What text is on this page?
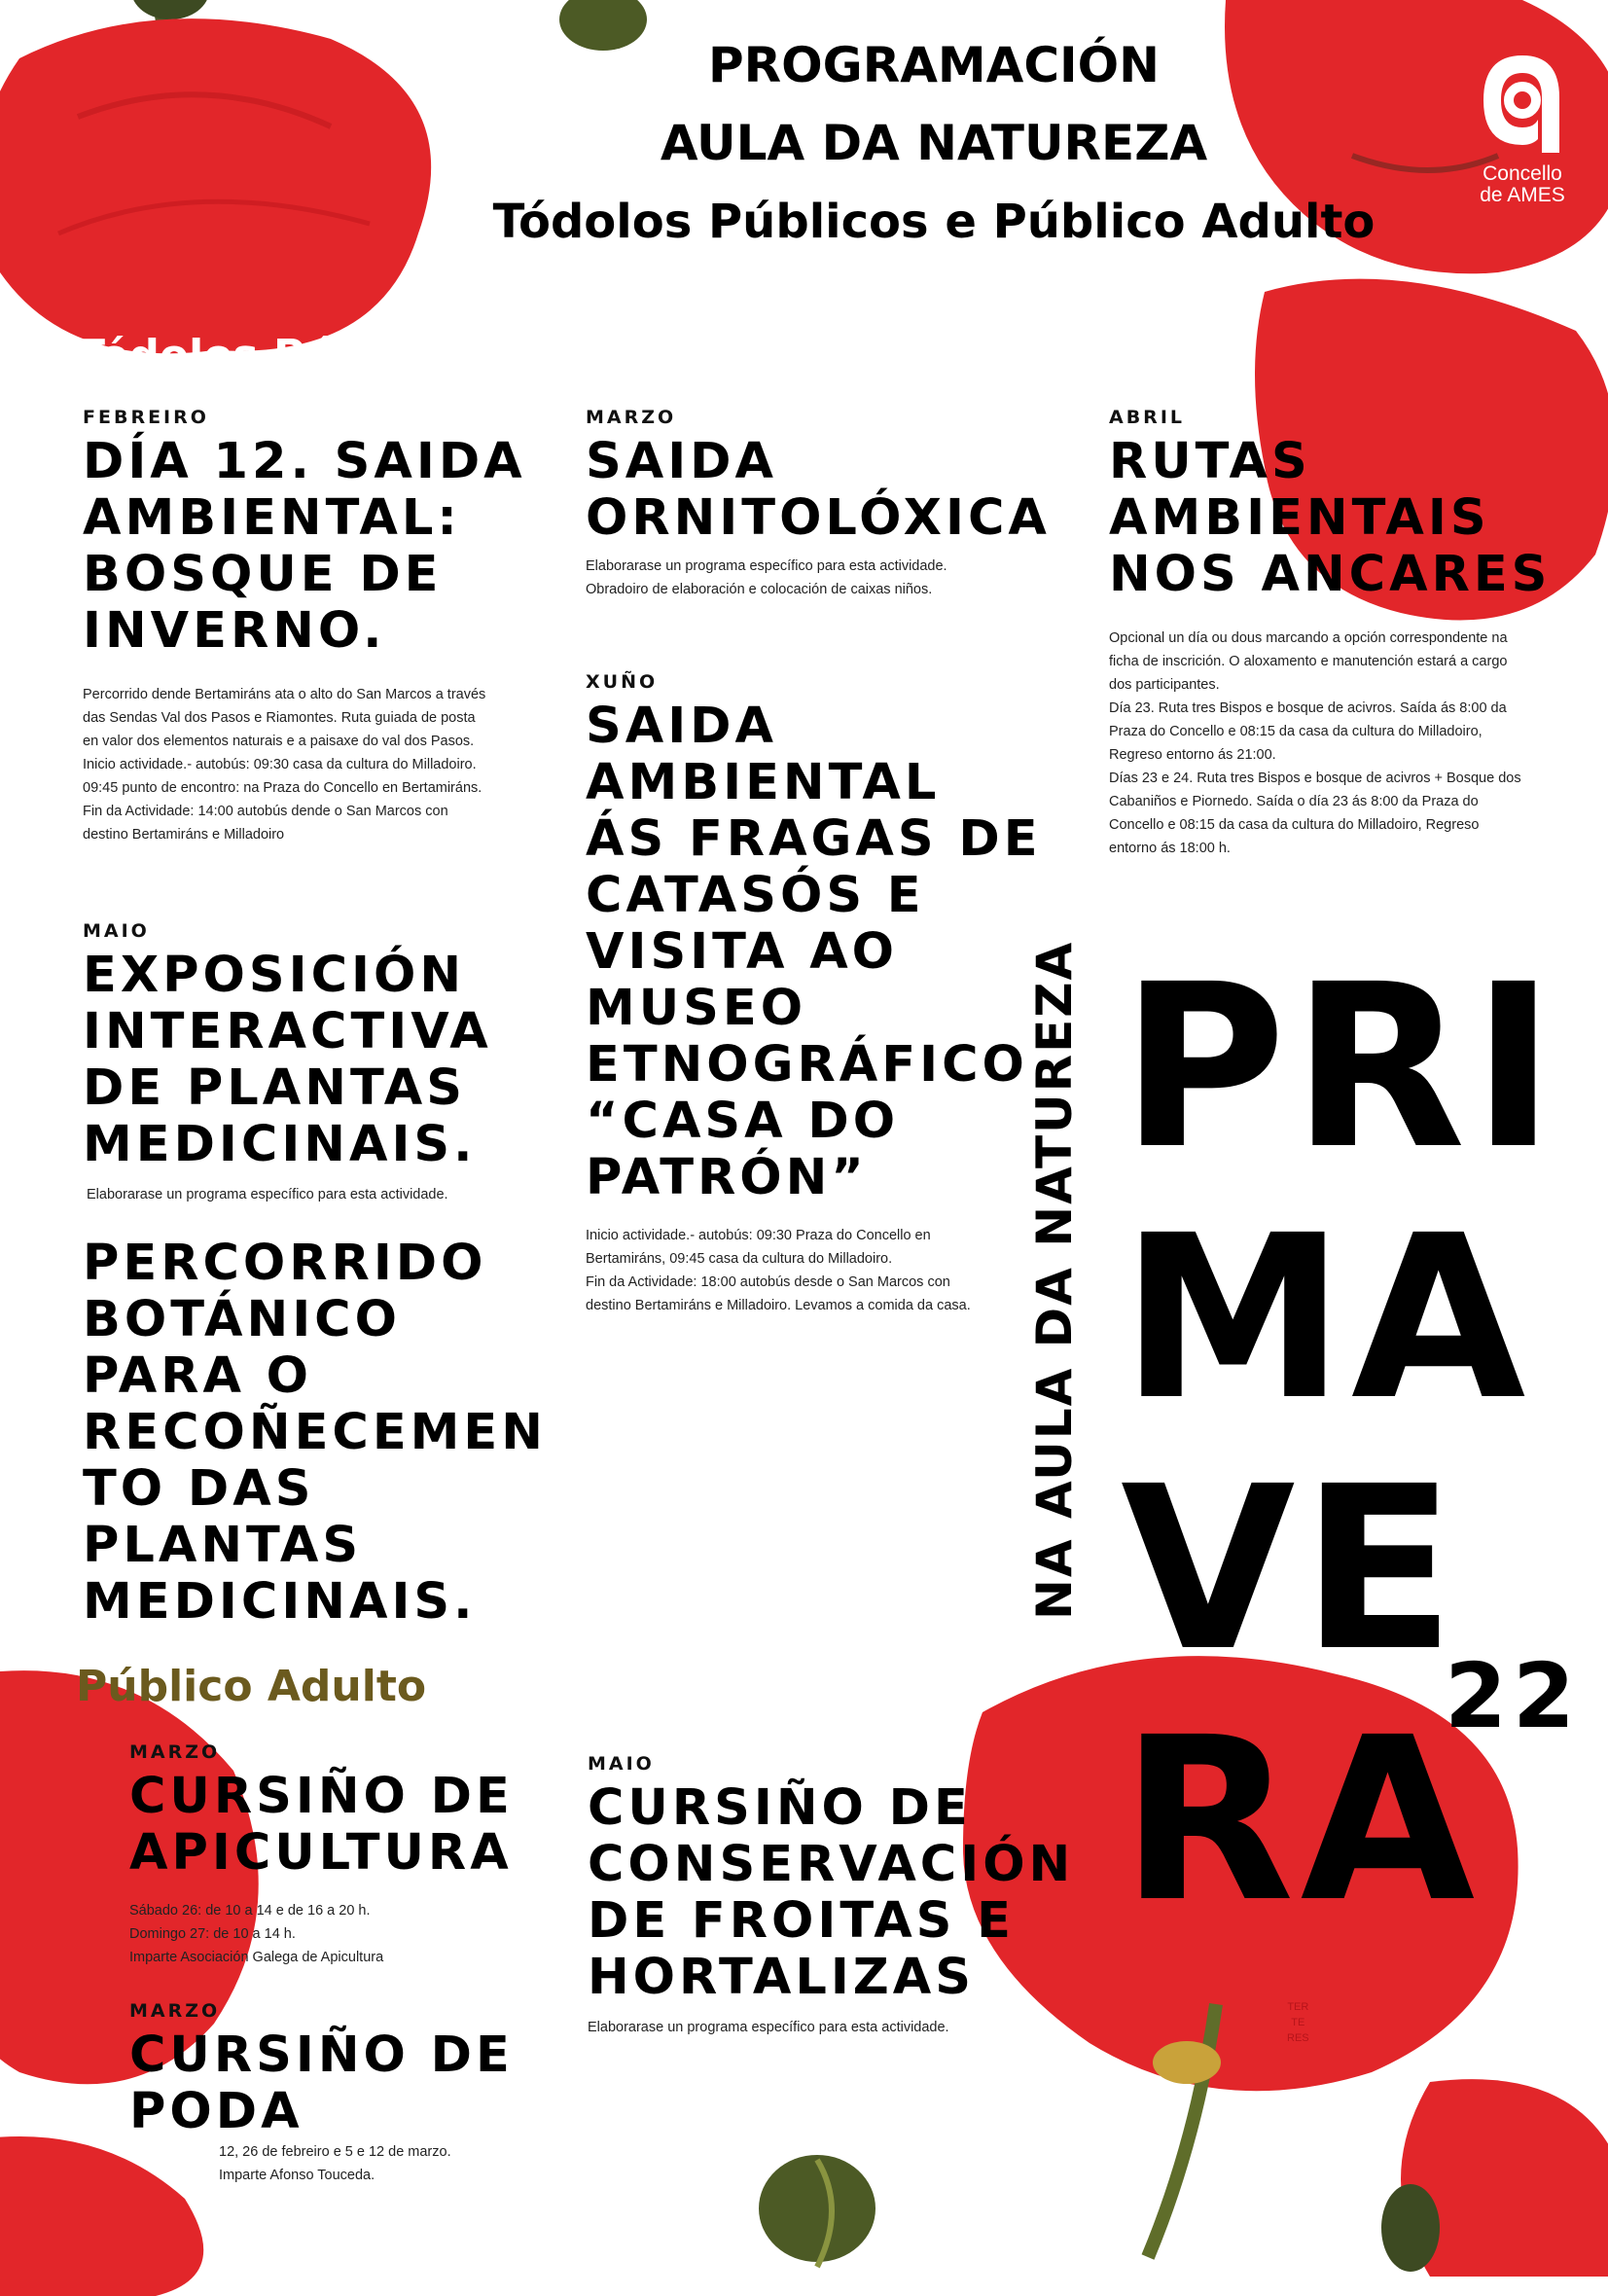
PROGRAMACIÓN
AULA DA NATUREZA
Tódolos Públicos e Público Adulto
Concello
de AMES
Tódolos Públicos
Público Adulto
FEBREIRO
DÍA 12. SAIDA
AMBIENTAL:
BOSQUE DE
INVERNO.
Percorrido dende Bertamiráns ata o alto do San Marcos a través
das Sendas Val dos Pasos e Riamontes. Ruta guiada de posta
en valor dos elementos naturais e a paisaxe do val dos Pasos.
Inicio actividade.- autobús: 09:30 casa da cultura do Milladoiro.
09:45 punto de encontro: na Praza do Concello en Bertamiráns.
Fin da Actividade: 14:00 autobús dende o San Marcos con
destino Bertamiráns e Milladoiro
MARZO
SAIDA
ORNITOLÓXICA
Elaborarase un programa específico para esta actividade.
Obradoiro de elaboración e colocación de caixas niños.
ABRIL
RUTAS
AMBIENTAIS
NOS ANCARES
Opcional un día ou dous marcando a opción correspondente na
ficha de inscrición. O aloxamento e manutención estará a cargo
dos participantes.
Día 23. Ruta tres Bispos e bosque de acivros. Saída ás 8:00 da
Praza do Concello e 08:15 da casa da cultura do Milladoiro,
Regreso entorno ás 21:00.
Días 23 e 24. Ruta tres Bispos e bosque de acivros + Bosque dos
Cabaniños e Piornedo. Saída o día 23 ás 8:00 da Praza do
Concello e 08:15 da casa da cultura do Milladoiro, Regreso
entorno ás 18:00 h.
XUÑO
SAIDA
AMBIENTAL
ÁS FRAGAS DE
CATASÓS E
VISITA AO
MUSEO
ETNOGRÁFICO
“CASA DO
PATRÓN”
Inicio actividade.- autobús: 09:30 Praza do Concello en
Bertamiráns, 09:45 casa da cultura do Milladoiro.
Fin da Actividade: 18:00 autobús desde o San Marcos con
destino Bertamiráns e Milladoiro. Levamos a comida da casa.
MAIO
EXPOSICIÓN
INTERACTIVA
DE PLANTAS
MEDICINAIS.
Elaborarase un programa específico para esta actividade.
PERCORRIDO
BOTÁNICO
PARA O
RECOÑECEMEN
TO DAS
PLANTAS
MEDICINAIS.
MARZO
CURSIÑO DE
APICULTURA
Sábado 26: de 10 a 14 e de 16 a 20 h.
Domingo 27: de 10 a 14 h.
Imparte Asociación Galega de Apicultura
MARZO
CURSIÑO DE
PODA
12, 26 de febreiro e 5 e 12 de marzo.
Imparte Afonso Touceda.
MAIO
CURSIÑO DE
CONSERVACIÓN
DE FROITAS E
HORTALIZAS
Elaborarase un programa específico para esta actividade.
NA AULA DA NATUREZA PRI
MA
VE
RA
22
TER
TE
RES
